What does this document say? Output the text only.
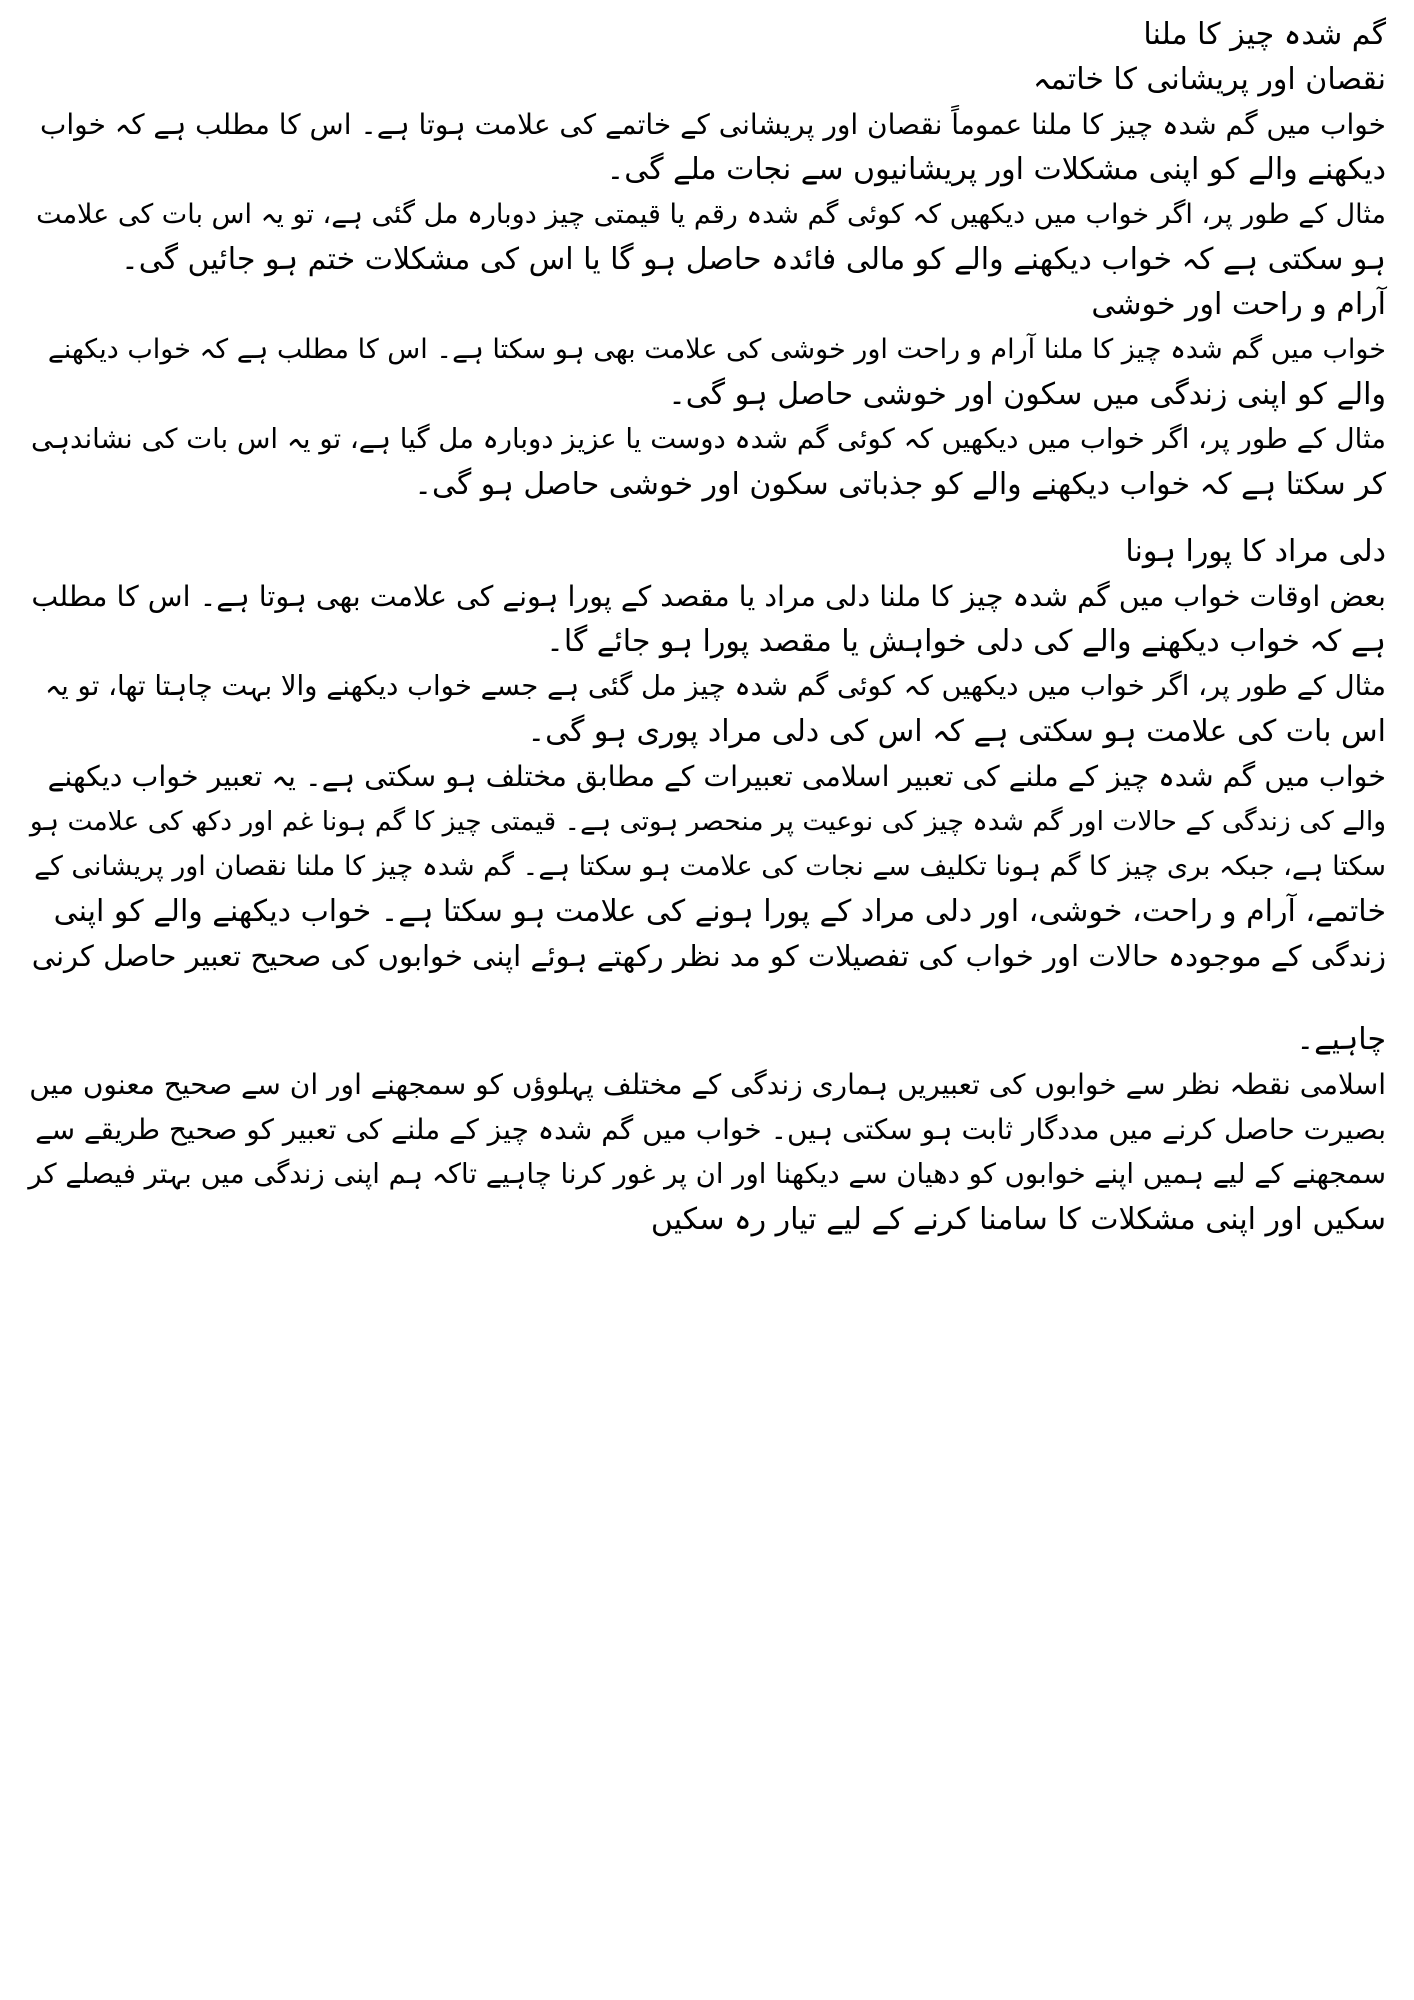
گم شدہ چیز کا ملنا
نقصان اور پریشانی کا خاتمہ
خواب میں گم شدہ چیز کا ملنا عموماً نقصان اور پریشانی کے خاتمے کی علامت ہوتا ہے۔ اس کا مطلب ہے کہ خواب
دیکھنے والے کو اپنی مشکلات اور پریشانیوں سے نجات ملے گی۔
مثال کے طور پر، اگر خواب میں دیکھیں کہ کوئی گم شدہ رقم یا قیمتی چیز دوبارہ مل گئی ہے، تو یہ اس بات کی علامت
ہو سکتی ہے کہ خواب دیکھنے والے کو مالی فائدہ حاصل ہو گا یا اس کی مشکلات ختم ہو جائیں گی۔
آرام و راحت اور خوشی
خواب میں گم شدہ چیز کا ملنا آرام و راحت اور خوشی کی علامت بھی ہو سکتا ہے۔ اس کا مطلب ہے کہ خواب دیکھنے
والے کو اپنی زندگی میں سکون اور خوشی حاصل ہو گی۔
مثال کے طور پر، اگر خواب میں دیکھیں کہ کوئی گم شدہ دوست یا عزیز دوبارہ مل گیا ہے، تو یہ اس بات کی نشاندہی
کر سکتا ہے کہ خواب دیکھنے والے کو جذباتی سکون اور خوشی حاصل ہو گی۔
دلی مراد کا پورا ہونا
بعض اوقات خواب میں گم شدہ چیز کا ملنا دلی مراد یا مقصد کے پورا ہونے کی علامت بھی ہوتا ہے۔ اس کا مطلب
ہے کہ خواب دیکھنے والے کی دلی خواہش یا مقصد پورا ہو جائے گا۔
مثال کے طور پر، اگر خواب میں دیکھیں کہ کوئی گم شدہ چیز مل گئی ہے جسے خواب دیکھنے والا بہت چاہتا تھا، تو یہ
اس بات کی علامت ہو سکتی ہے کہ اس کی دلی مراد پوری ہو گی۔
خواب میں گم شدہ چیز کے ملنے کی تعبیر اسلامی تعبیرات کے مطابق مختلف ہو سکتی ہے۔ یہ تعبیر خواب دیکھنے
والے کی زندگی کے حالات اور گم شدہ چیز کی نوعیت پر منحصر ہوتی ہے۔ قیمتی چیز کا گم ہونا غم اور دکھ کی علامت ہو
سکتا ہے، جبکہ بری چیز کا گم ہونا تکلیف سے نجات کی علامت ہو سکتا ہے۔ گم شدہ چیز کا ملنا نقصان اور پریشانی کے
خاتمے، آرام و راحت، خوشی، اور دلی مراد کے پورا ہونے کی علامت ہو سکتا ہے۔ خواب دیکھنے والے کو اپنی
زندگی کے موجودہ حالات اور خواب کی تفصیلات کو مد نظر رکھتے ہوئے اپنی خوابوں کی صحیح تعبیر حاصل کرنی
چاہیے۔
اسلامی نقطہ نظر سے خوابوں کی تعبیریں ہماری زندگی کے مختلف پہلوؤں کو سمجھنے اور ان سے صحیح معنوں میں
بصیرت حاصل کرنے میں مددگار ثابت ہو سکتی ہیں۔ خواب میں گم شدہ چیز کے ملنے کی تعبیر کو صحیح طریقے سے
سمجھنے کے لیے ہمیں اپنے خوابوں کو دھیان سے دیکھنا اور ان پر غور کرنا چاہیے تاکہ ہم اپنی زندگی میں بہتر فیصلے کر
سکیں اور اپنی مشکلات کا سامنا کرنے کے لیے تیار رہ سکیں
